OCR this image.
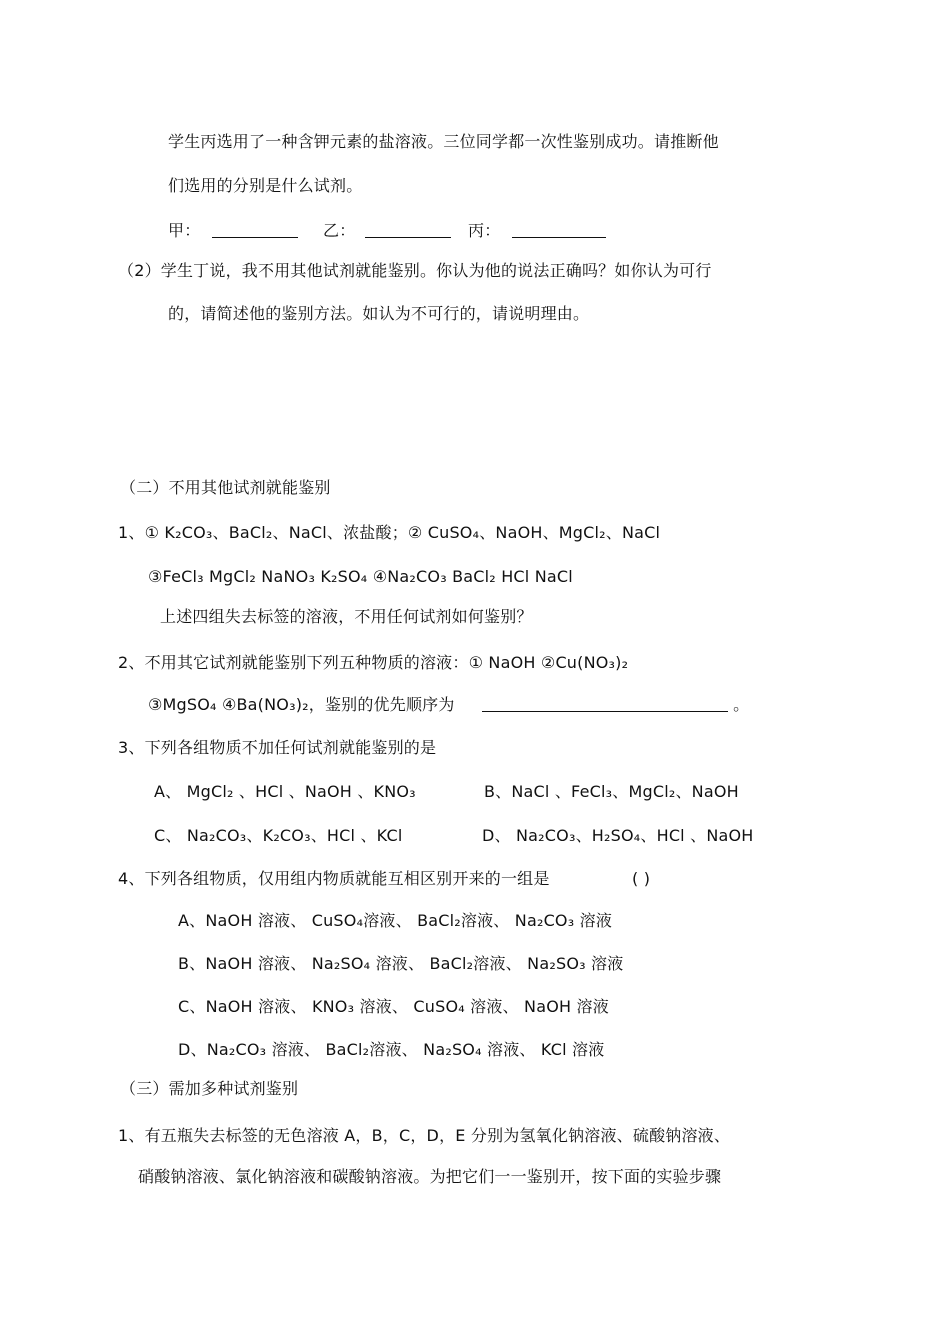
学生丙选用了一种含钾元素的盐溶液。三位同学都一次性鉴别成功。请推断他
们选用的分别是什么试剂。
甲：	乙：	丙：
（2）学生丁说，我不用其他试剂就能鉴别。你认为他的说法正确吗？如你认为可行
的，请简述他的鉴别方法。如认为不可行的，请说明理由。
（二）不用其他试剂就能鉴别
1、① K₂CO₃、BaCl₂、NaCl、浓盐酸；② CuSO₄、NaOH、MgCl₂、NaCl
③FeCl₃ MgCl₂ NaNO₃ K₂SO₄ ④Na₂CO₃ BaCl₂ HCl NaCl
上述四组失去标签的溶液，不用任何试剂如何鉴别？
2、不用其它试剂就能鉴别下列五种物质的溶液：① NaOH ②Cu(NO₃)₂
③MgSO₄ ④Ba(NO₃)₂，鉴别的优先顺序为	。
3、下列各组物质不加任何试剂就能鉴别的是
A、 MgCl₂ 、HCl 、NaOH 、KNO₃	B、NaCl 、FeCl₃、MgCl₂、NaOH
C、 Na₂CO₃、K₂CO₃、HCl 、KCl	D、 Na₂CO₃、H₂SO₄、HCl 、NaOH
4、下列各组物质，仅用组内物质就能互相区别开来的一组是	( )
A、NaOH 溶液、 CuSO₄溶液、 BaCl₂溶液、 Na₂CO₃ 溶液
B、NaOH 溶液、 Na₂SO₄ 溶液、 BaCl₂溶液、 Na₂SO₃ 溶液
C、NaOH 溶液、 KNO₃ 溶液、 CuSO₄ 溶液、 NaOH 溶液
D、Na₂CO₃ 溶液、 BaCl₂溶液、 Na₂SO₄ 溶液、 KCl 溶液
（三）需加多种试剂鉴别
1、有五瓶失去标签的无色溶液 A，B，C，D，E 分别为氢氧化钠溶液、硫酸钠溶液、
硝酸钠溶液、氯化钠溶液和碳酸钠溶液。为把它们一一鉴别开，按下面的实验步骤
